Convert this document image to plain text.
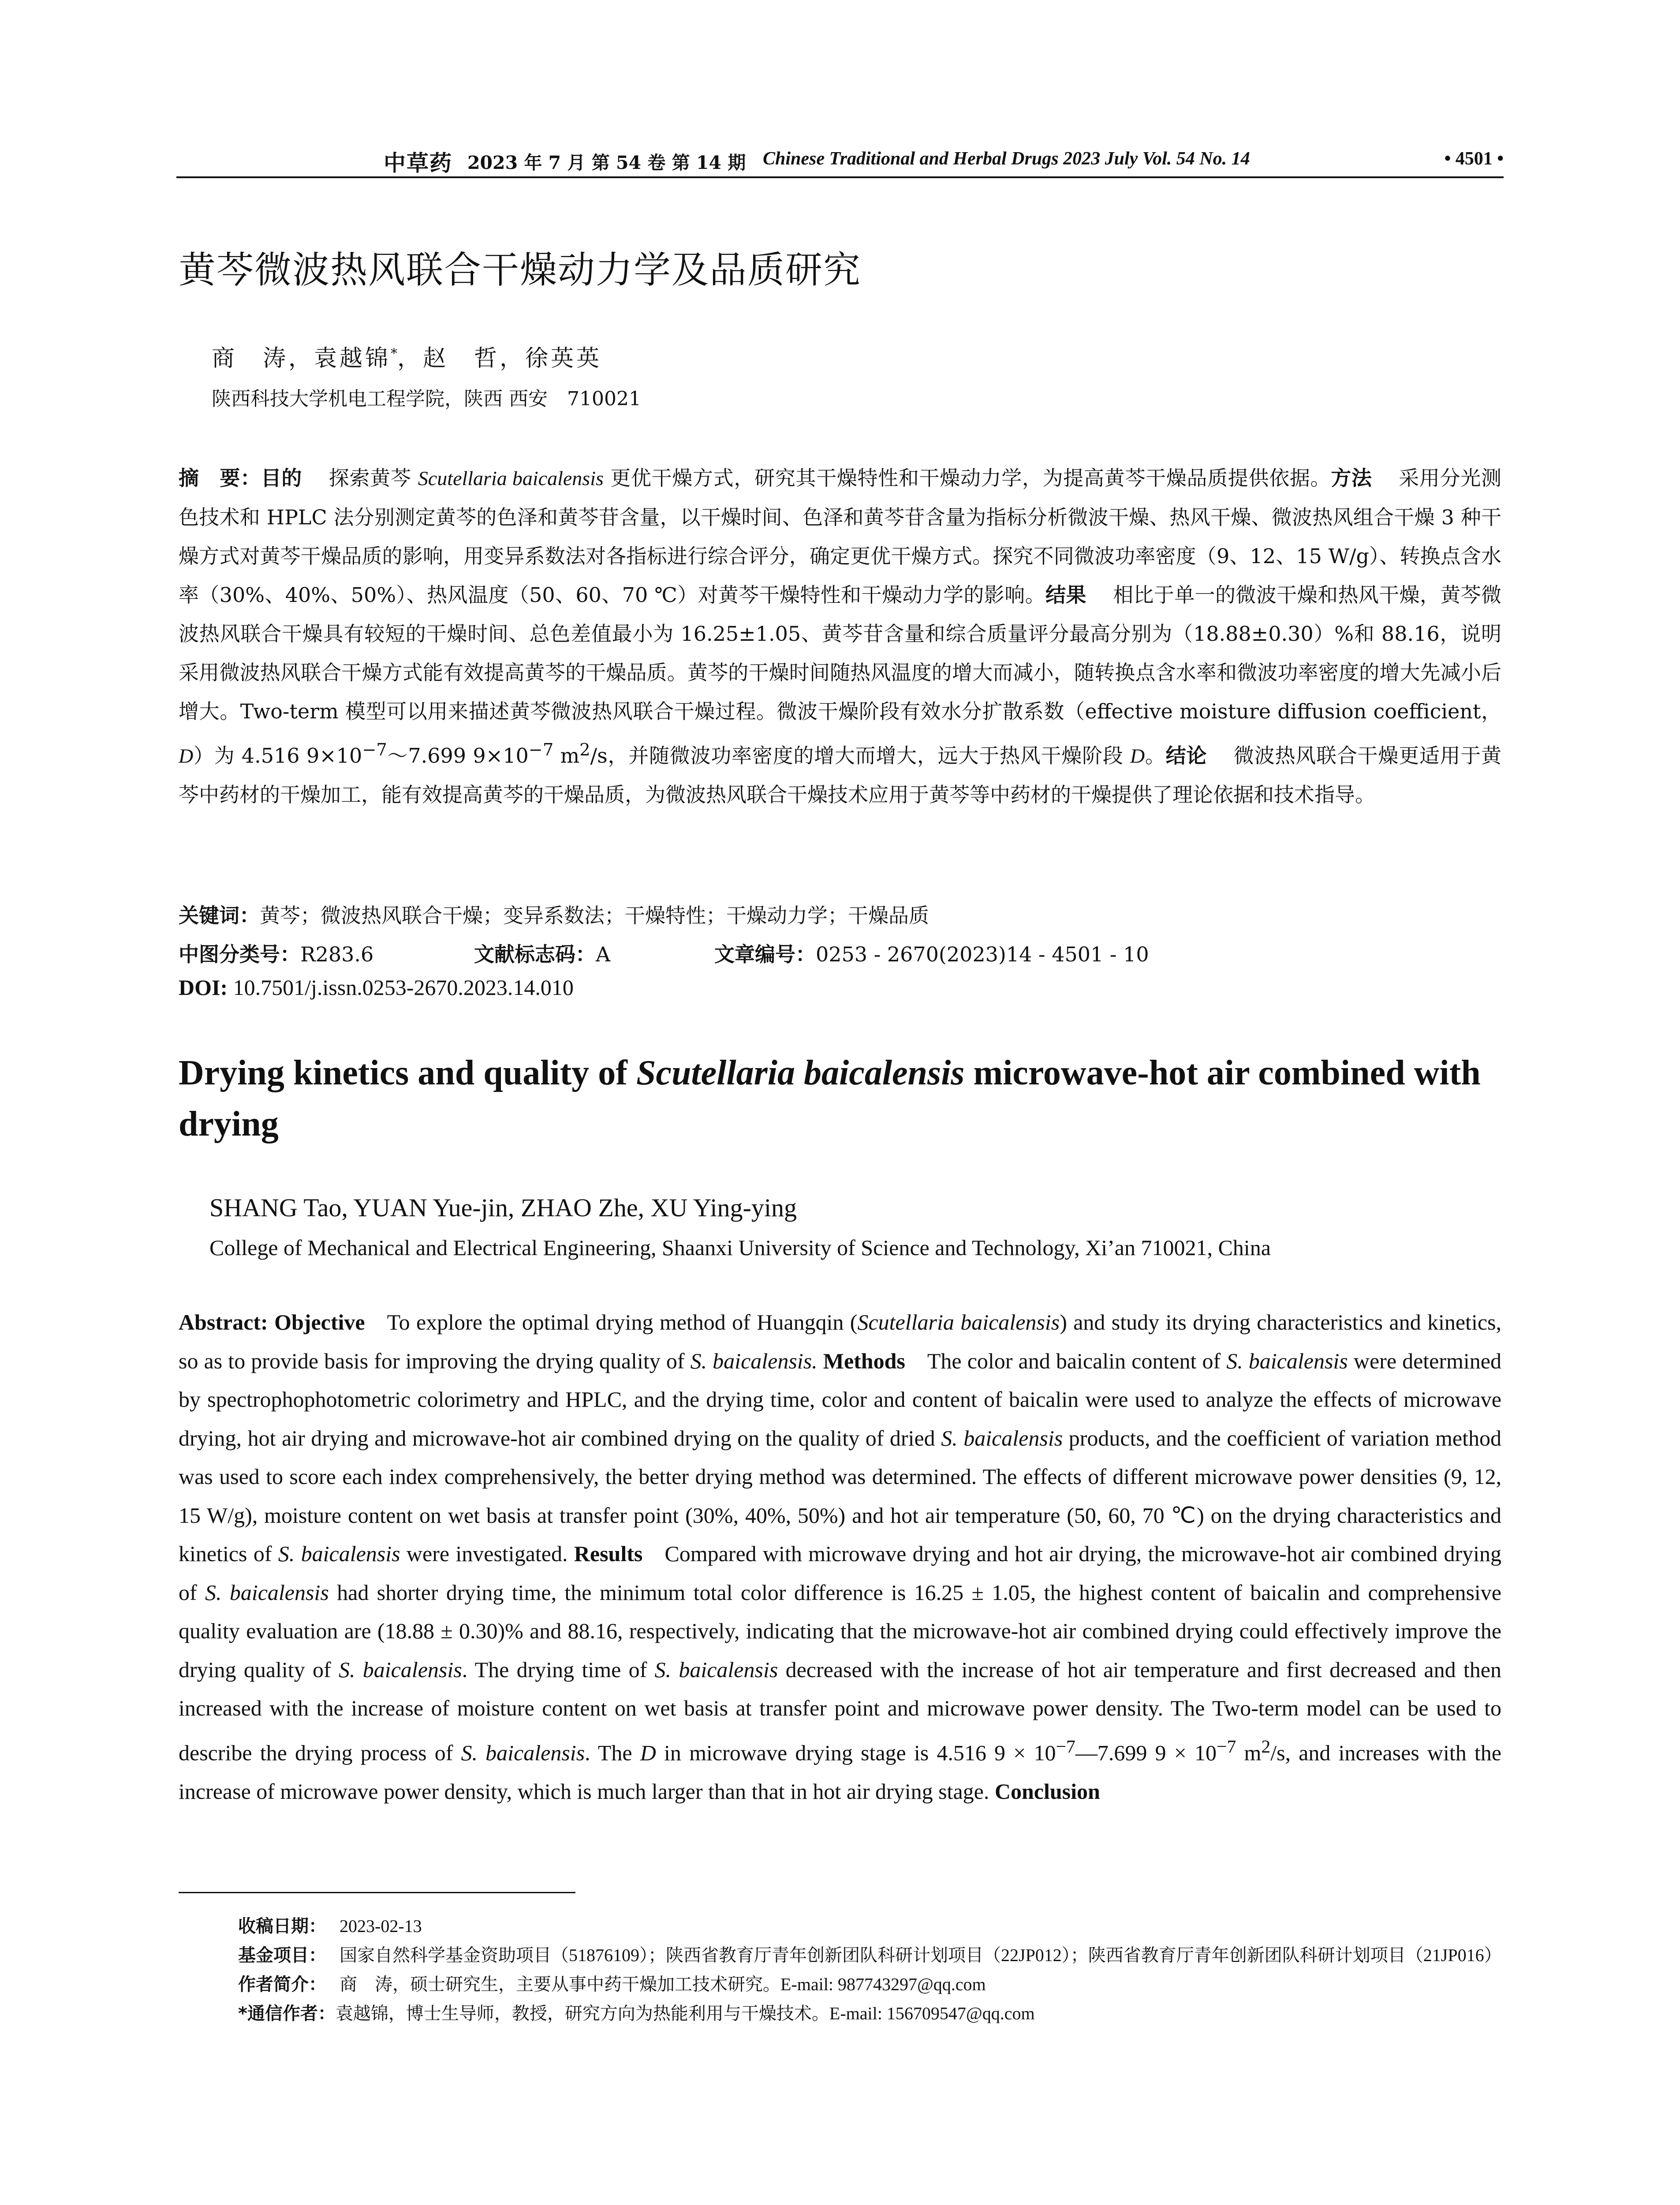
中草药 2023 年 7 月 第 54 卷 第 14 期 Chinese Traditional and Herbal Drugs 2023 July Vol. 54 No. 14	• 4501 •
黄芩微波热风联合干燥动力学及品质研究
商　涛，袁越锦*，赵　哲，徐英英
陕西科技大学机电工程学院，陕西 西安　710021
摘　要：目的 探索黄芩 Scutellaria baicalensis 更优干燥方式，研究其干燥特性和干燥动力学，为提高黄芩干燥品质提供依据。方法 采用分光测色技术和 HPLC 法分别测定黄芩的色泽和黄芩苷含量，以干燥时间、色泽和黄芩苷含量为指标分析微波干燥、热风干燥、微波热风组合干燥 3 种干燥方式对黄芩干燥品质的影响，用变异系数法对各指标进行综合评分，确定更优干燥方式。探究不同微波功率密度（9、12、15 W/g）、转换点含水率（30%、40%、50%）、热风温度（50、60、70 ℃）对黄芩干燥特性和干燥动力学的影响。结果 相比于单一的微波干燥和热风干燥，黄芩微波热风联合干燥具有较短的干燥时间、总色差值最小为 16.25±1.05、黄芩苷含量和综合质量评分最高分别为（18.88±0.30）%和 88.16，说明采用微波热风联合干燥方式能有效提高黄芩的干燥品质。黄芩的干燥时间随热风温度的增大而减小，随转换点含水率和微波功率密度的增大先减小后增大。Two-term 模型可以用来描述黄芩微波热风联合干燥过程。微波干燥阶段有效水分扩散系数（effective moisture diffusion coefficient，D）为 4.516 $9\times 10^{-7}\sim 7.699$ $9\times 10^{-7}$ $m^2/s$，并随微波功率密度的增大而增大，远大于热风干燥阶段 D。结论 微波热风联合干燥更适用于黄芩中药材的干燥加工，能有效提高黄芩的干燥品质，为微波热风联合干燥技术应用于黄芩等中药材的干燥提供了理论依据和技术指导。
关键词：黄芩；微波热风联合干燥；变异系数法；干燥特性；干燥动力学；干燥品质
中图分类号：R283.6	文献标志码：A	文章编号：0253 - 2670(2023)14 - 4501 - 10
DOI: 10.7501/j.issn.0253-2670.2023.14.010
Drying kinetics and quality of Scutellaria baicalensis microwave-hot air combined with drying
SHANG Tao, YUAN Yue-jin, ZHAO Zhe, XU Ying-ying
College of Mechanical and Electrical Engineering, Shaanxi University of Science and Technology, Xi’an 710021, China
Abstract: Objective To explore the optimal drying method of Huangqin (Scutellaria baicalensis) and study its drying characteristics and kinetics, so as to provide basis for improving the drying quality of S. baicalensis. Methods The color and baicalin content of S. baicalensis were determined by spectrophophotometric colorimetry and HPLC, and the drying time, color and content of baicalin were used to analyze the effects of microwave drying, hot air drying and microwave-hot air combined drying on the quality of dried S. baicalensis products, and the coefficient of variation method was used to score each index comprehensively, the better drying method was determined. The effects of different microwave power densities (9, 12, 15 W/g), moisture content on wet basis at transfer point (30%, 40%, 50%) and hot air temperature (50, 60, 70 ℃) on the drying characteristics and kinetics of S. baicalensis were investigated. Results Compared with microwave drying and hot air drying, the microwave-hot air combined drying of S. baicalensis had shorter drying time, the minimum total color difference is 16.25 ± 1.05, the highest content of baicalin and comprehensive quality evaluation are (18.88 ± 0.30)% and 88.16, respectively, indicating that the microwave-hot air combined drying could effectively improve the drying quality of S. baicalensis. The drying time of S. baicalensis decreased with the increase of hot air temperature and first decreased and then increased with the increase of moisture content on wet basis at transfer point and microwave power density. The Two-term model can be used to describe the drying process of S. baicalensis. The D in microwave drying stage is 4.516 $9 \times 10^{-7}—7.699$ $9 \times 10^{-7}$ $m^2/s$, and increases with the increase of microwave power density, which is much larger than that in hot air drying stage. Conclusion
收稿日期： 2023-02-13
基金项目： 国家自然科学基金资助项目（51876109）；陕西省教育厅青年创新团队科研计划项目（22JP012）；陕西省教育厅青年创新团队科研计划项目（21JP016）
作者简介： 商　涛，硕士研究生，主要从事中药干燥加工技术研究。E-mail: 987743297@qq.com
*通信作者：袁越锦，博士生导师，教授，研究方向为热能利用与干燥技术。E-mail: 156709547@qq.com
